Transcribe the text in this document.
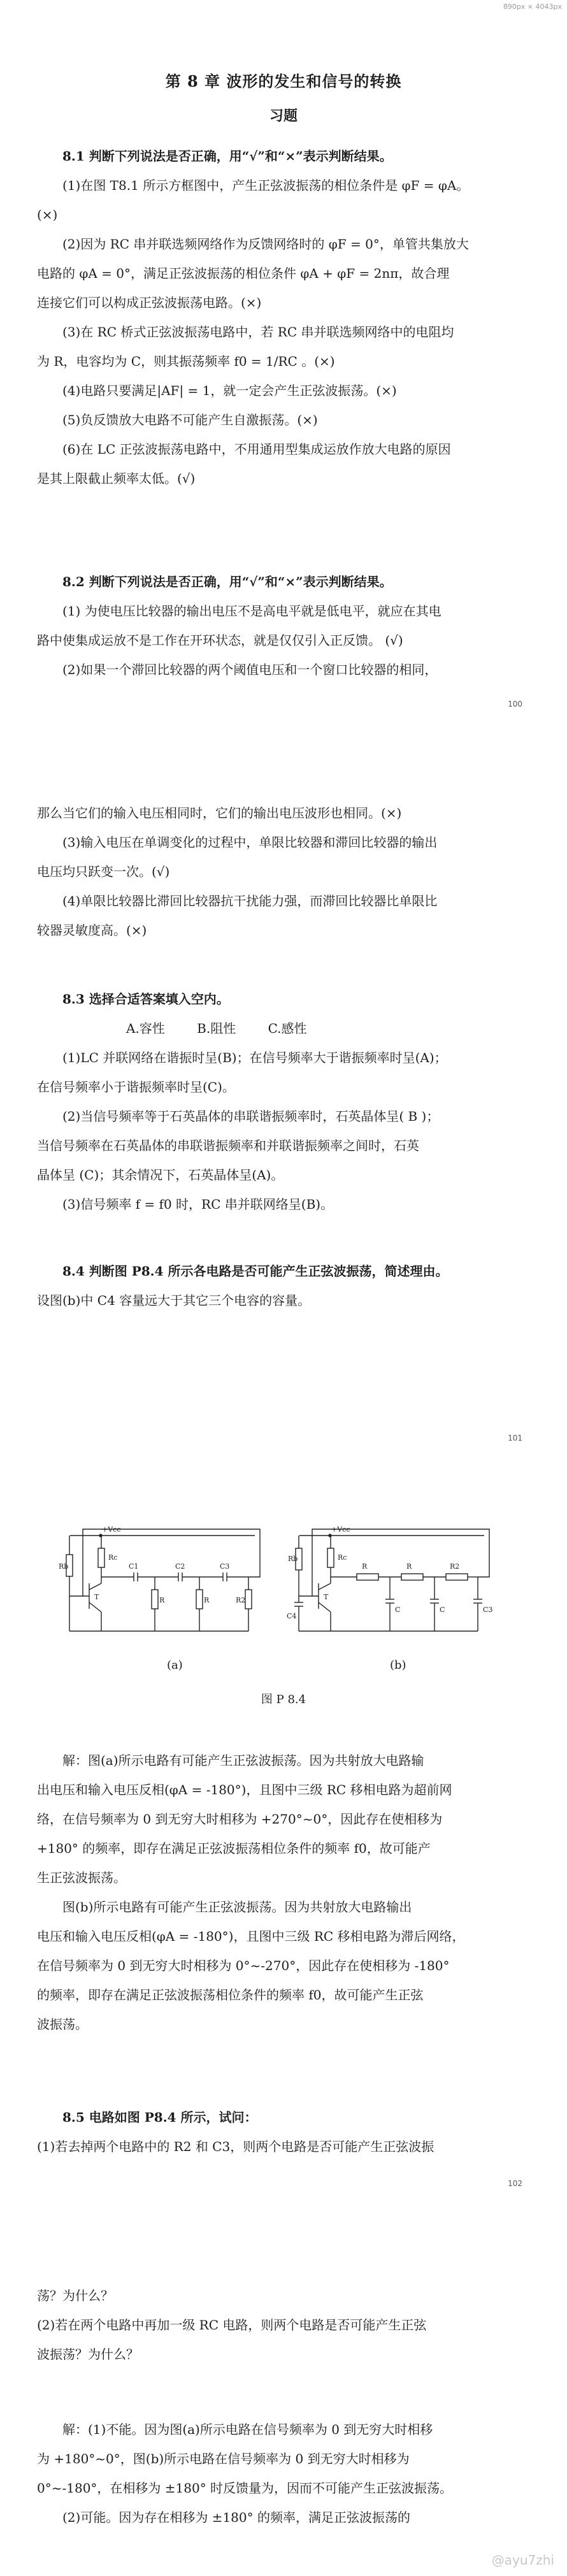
890px × 4043px
第 8 章 波形的发生和信号的转换
习题

8.1 判断下列说法是否正确，用“√”和“×”表示判断结果。

(1)在图 T8.1 所示方框图中，产生正弦波振荡的相位条件是 φF = φA。

(×)

(2)因为 RC 串并联选频网络作为反馈网络时的 φF = 0°，单管共集放大

电路的 φA = 0°，满足正弦波振荡的相位条件 φA + φF = 2nπ，故合理

连接它们可以构成正弦波振荡电路。(×)

(3)在 RC 桥式正弦波振荡电路中，若 RC 串并联选频网络中的电阻均

为 R，电容均为 C，则其振荡频率 f0 = 1/RC 。(×)

(4)电路只要满足|AF| = 1，就一定会产生正弦波振荡。(×)

(5)负反馈放大电路不可能产生自激振荡。(×)

(6)在 LC 正弦波振荡电路中，不用通用型集成运放作放大电路的原因

是其上限截止频率太低。(√)

8.2 判断下列说法是否正确，用“√”和“×”表示判断结果。

(1) 为使电压比较器的输出电压不是高电平就是低电平，就应在其电

路中使集成运放不是工作在开环状态，就是仅仅引入正反馈。 (√)

(2)如果一个滞回比较器的两个阈值电压和一个窗口比较器的相同，

100

那么当它们的输入电压相同时，它们的输出电压波形也相同。(×)

(3)输入电压在单调变化的过程中，单限比较器和滞回比较器的输出

电压均只跃变一次。(√)

(4)单限比较器比滞回比较器抗干扰能力强，而滞回比较器比单限比

较器灵敏度高。(×)

8.3 选择合适答案填入空内。

A.容性	B.阻性	C.感性

(1)LC 并联网络在谐振时呈(B)；在信号频率大于谐振频率时呈(A)；

在信号频率小于谐振频率时呈(C)。

(2)当信号频率等于石英晶体的串联谐振频率时，石英晶体呈( B )；

当信号频率在石英晶体的串联谐振频率和并联谐振频率之间时，石英

晶体呈 (C)；其余情况下，石英晶体呈(A)。

(3)信号频率 f = f0 时，RC 串并联网络呈(B)。

8.4 判断图 P8.4 所示各电路是否可能产生正弦波振荡，简述理由。

设图(b)中 C4 容量远大于其它三个电容的容量。

101
+Vcc
Rb
Rc
T
C1	C2	C3
R	R	R2
+Vcc
Rb
C4
Rc
T
R	R	R2
C	C	C3
(a)	(b)
图 P 8.4

解：图(a)所示电路有可能产生正弦波振荡。因为共射放大电路输

出电压和输入电压反相(φA = -180°)，且图中三级 RC 移相电路为超前网

络，在信号频率为 0 到无穷大时相移为 +270°~0°，因此存在使相移为

+180° 的频率，即存在满足正弦波振荡相位条件的频率 f0，故可能产

生正弦波振荡。

图(b)所示电路有可能产生正弦波振荡。因为共射放大电路输出

电压和输入电压反相(φA = -180°)，且图中三级 RC 移相电路为滞后网络，

在信号频率为 0 到无穷大时相移为 0°~-270°，因此存在使相移为 -180°

的频率，即存在满足正弦波振荡相位条件的频率 f0，故可能产生正弦

波振荡。

8.5 电路如图 P8.4 所示，试问：

(1)若去掉两个电路中的 R2 和 C3，则两个电路是否可能产生正弦波振

102

荡？为什么？

(2)若在两个电路中再加一级 RC 电路，则两个电路是否可能产生正弦

波振荡？为什么？

解：(1)不能。因为图(a)所示电路在信号频率为 0 到无穷大时相移

为 +180°~0°，图(b)所示电路在信号频率为 0 到无穷大时相移为

0°~-180°，在相移为 ±180° 时反馈量为，因而不可能产生正弦波振荡。

(2)可能。因为存在相移为 ±180° 的频率，满足正弦波振荡的

@ayu7zhi
